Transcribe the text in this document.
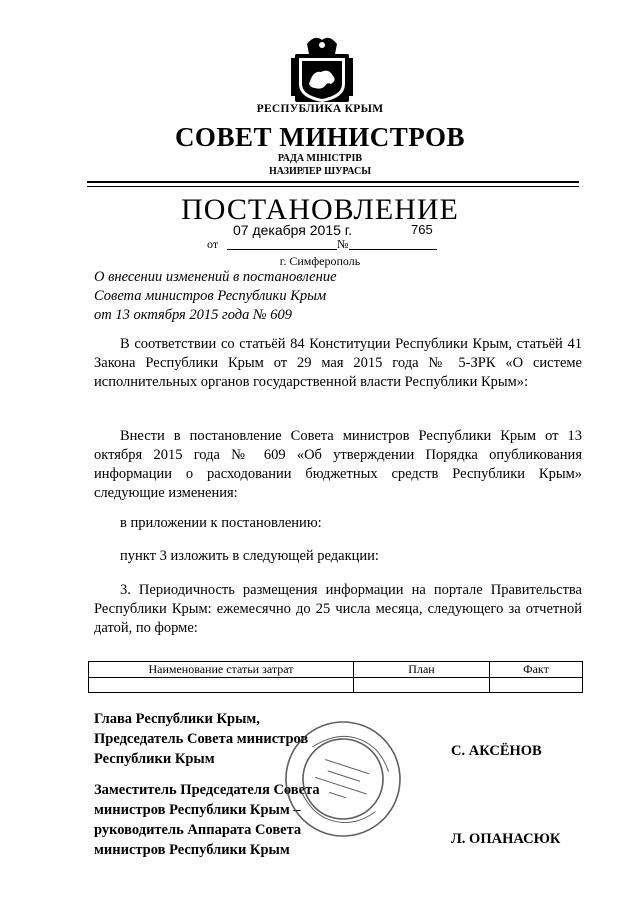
РЕСПУБЛИКА КРЫМ
СОВЕТ МИНИСТРОВ
РАДА МІНІСТРІВ
НАЗИРЛЕР ШУРАСЫ
ПОСТАНОВЛЕНИЕ
07 декабря 2015 г.	765
от	№
г. Симферополь
О внесении изменений в постановление
Совета министров Республики Крым
от 13 октября 2015 года № 609
В соответствии со статьёй 84 Конституции Республики Крым, статьёй 41 Закона Республики Крым от 29 мая 2015 года № 5-ЗРК «О системе исполнительных органов государственной власти Республики Крым»:
Внести в постановление Совета министров Республики Крым от 13 октября 2015 года № 609 «Об утверждении Порядка опубликования информации о расходовании бюджетных средств Республики Крым» следующие изменения:
в приложении к постановлению:
пункт 3 изложить в следующей редакции:
3. Периодичность размещения информации на портале Правительства Республики Крым: ежемесячно до 25 числа месяца, следующего за отчетной датой, по форме:
Наименование статьи затрат	План	Факт

Глава Республики Крым,
Председатель Совета министров
Республики Крым	С. АКСЁНОВ
Заместитель Председателя Совета
министров Республики Крым –
руководитель Аппарата Совета
министров Республики Крым
Л. ОПАНАСЮК
